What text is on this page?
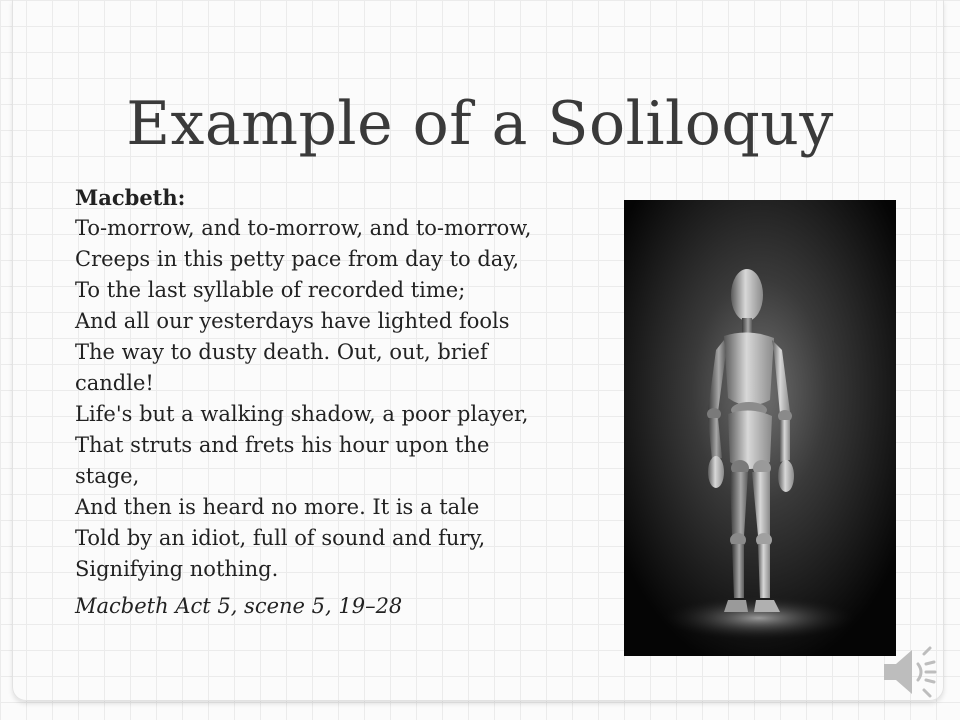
Example of a Soliloquy
Macbeth:
To-morrow, and to-morrow, and to-morrow,
Creeps in this petty pace from day to day,
To the last syllable of recorded time;
And all our yesterdays have lighted fools
The way to dusty death. Out, out, brief
candle!
Life's but a walking shadow, a poor player,
That struts and frets his hour upon the
stage,
And then is heard no more. It is a tale
Told by an idiot, full of sound and fury,
Signifying nothing.
Macbeth Act 5, scene 5, 19–28
